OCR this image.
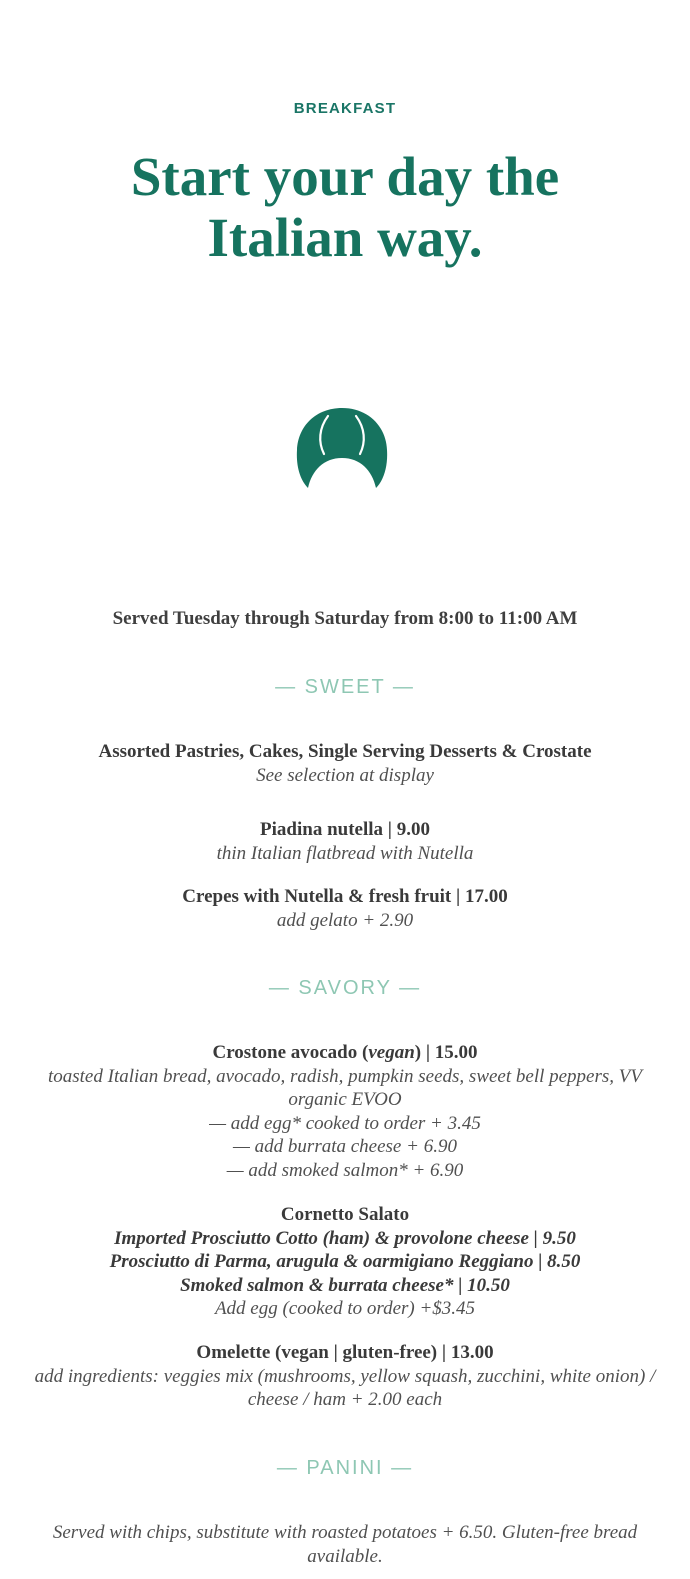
BREAKFAST
Start your day the Italian way.
Served Tuesday through Saturday from 8:00 to 11:00 AM
— SWEET —
Assorted Pastries, Cakes, Single Serving Desserts & Crostate
See selection at display
Piadina nutella | 9.00
thin Italian flatbread with Nutella
Crepes with Nutella & fresh fruit | 17.00
add gelato + 2.90
— SAVORY —
Crostone avocado (vegan) | 15.00
toasted Italian bread, avocado, radish, pumpkin seeds, sweet bell peppers, VV organic EVOO
— add egg* cooked to order + 3.45
— add burrata cheese + 6.90
— add smoked salmon* + 6.90
Cornetto Salato
Imported Prosciutto Cotto (ham) & provolone cheese | 9.50
Prosciutto di Parma, arugula & oarmigiano Reggiano | 8.50
Smoked salmon & burrata cheese* | 10.50
Add egg (cooked to order) +$3.45
Omelette (vegan | gluten-free) | 13.00
add ingredients: veggies mix (mushrooms, yellow squash, zucchini, white onion) / cheese / ham + 2.00 each
— PANINI —
Served with chips, substitute with roasted potatoes + 6.50. Gluten-free bread available.
